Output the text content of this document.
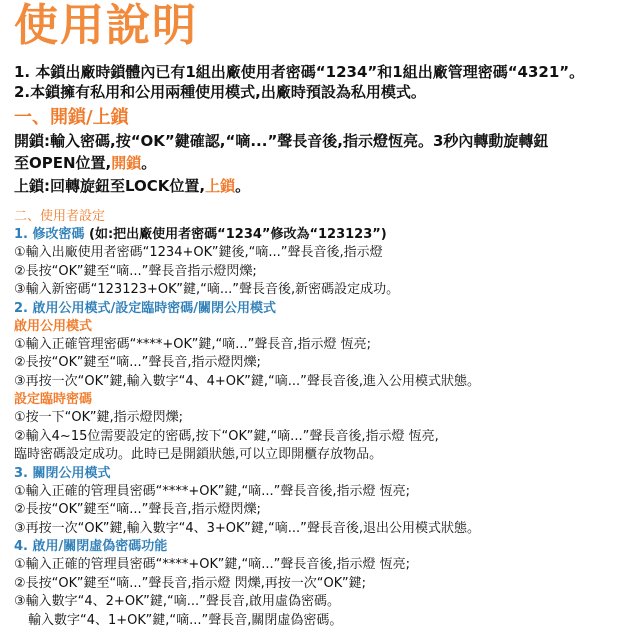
使用說明
1. 本鎖出廠時鎖體內已有1組出廠使用者密碼“1234”和1組出廠管理密碼“4321”。
2.本鎖擁有私用和公用兩種使用模式,出廠時預設為私用模式。
一、開鎖/上鎖
開鎖:輸入密碼,按“OK”鍵確認,“嘀...”聲長音後,指示燈恆亮。3秒內轉動旋轉鈕
至OPEN位置,開鎖。
上鎖:回轉旋鈕至LOCK位置,上鎖。
二、使用者設定
1. 修改密碼 (如:把出廠使用者密碼“1234”修改為“123123”)
①輸入出廠使用者密碼“1234+OK”鍵後,“嘀...”聲長音後,指示燈
②長按“OK”鍵至“嘀...”聲長音指示燈閃爍;
③輸入新密碼“123123+OK”鍵,“嘀...”聲長音後,新密碼設定成功。
2. 啟用公用模式/設定臨時密碼/關閉公用模式
啟用公用模式
①輸入正確管理密碼“****+OK”鍵,“嘀...”聲長音,指示燈 恆亮;
②長按“OK”鍵至“嘀...”聲長音,指示燈閃爍;
③再按一次“OK”鍵,輸入數字“4、4+OK”鍵,“嘀...”聲長音後,進入公用模式狀態。
設定臨時密碼
①按一下“OK”鍵,指示燈閃爍;
②輸入4~15位需要設定的密碼,按下“OK”鍵,“嘀...”聲長音後,指示燈 恆亮,
臨時密碼設定成功。此時已是開鎖狀態,可以立即開櫃存放物品。
3. 關閉公用模式
①輸入正確的管理員密碼“****+OK”鍵,“嘀...”聲長音後,指示燈 恆亮;
②長按“OK”鍵至“嘀...”聲長音,指示燈閃爍;
③再按一次“OK”鍵,輸入數字“4、3+OK”鍵,“嘀...”聲長音後,退出公用模式狀態。
4. 啟用/關閉虛偽密碼功能
①輸入正確的管理員密碼“****+OK”鍵,“嘀...”聲長音後,指示燈 恆亮;
②長按“OK”鍵至“嘀...”聲長音,指示燈 閃爍,再按一次“OK”鍵;
③輸入數字“4、2+OK”鍵,“嘀...”聲長音,啟用虛偽密碼。
輸入數字“4、1+OK”鍵,“嘀...”聲長音,關閉虛偽密碼。
